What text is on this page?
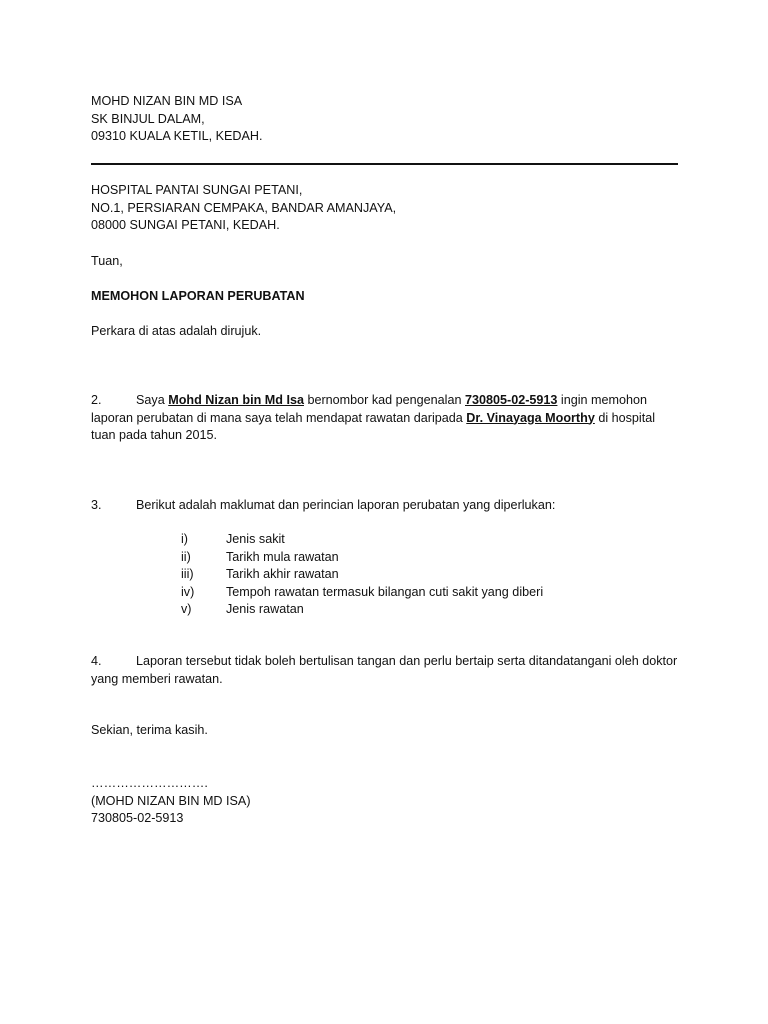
MOHD NIZAN BIN MD ISA
SK BINJUL DALAM,
09310 KUALA KETIL, KEDAH.
HOSPITAL PANTAI SUNGAI PETANI,
NO.1, PERSIARAN CEMPAKA, BANDAR AMANJAYA,
08000 SUNGAI PETANI, KEDAH.
Tuan,
MEMOHON LAPORAN PERUBATAN
Perkara di atas adalah dirujuk.
2.	Saya Mohd Nizan bin Md Isa bernombor kad pengenalan 730805-02-5913 ingin memohon laporan perubatan di mana saya telah mendapat rawatan daripada Dr. Vinayaga Moorthy di hospital tuan pada tahun 2015.
3.	Berikut adalah maklumat dan perincian laporan perubatan yang diperlukan:
i)	Jenis sakit
ii)	Tarikh mula rawatan
iii)	Tarikh akhir rawatan
iv)	Tempoh rawatan termasuk bilangan cuti sakit yang diberi
v)	Jenis rawatan
4.	Laporan tersebut tidak boleh bertulisan tangan dan perlu bertaip serta ditandatangani oleh doktor yang memberi rawatan.
Sekian, terima kasih.
……………………….
(MOHD NIZAN BIN MD ISA)
730805-02-5913
